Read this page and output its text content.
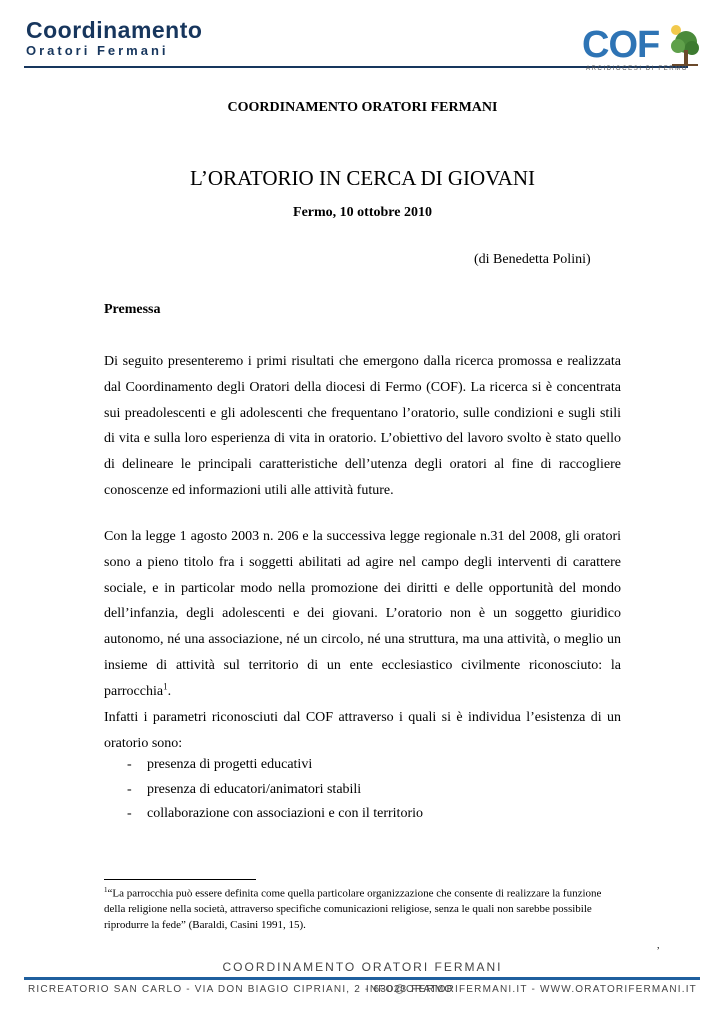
Coordinamento
Oratori Fermani	COF
ARCIDIOCESI DI FERMO
COORDINAMENTO ORATORI FERMANI
L’ORATORIO IN CERCA DI GIOVANI
Fermo, 10 ottobre 2010
(di Benedetta Polini)
Premessa

Di seguito presenteremo i primi risultati che emergono dalla ricerca promossa e realizzata dal Coordinamento degli Oratori della diocesi di Fermo (COF). La ricerca si è concentrata sui preadolescenti e gli adolescenti che frequentano l’oratorio, sulle condizioni e sugli stili di vita e sulla loro esperienza di vita in oratorio. L’obiettivo del lavoro svolto è stato quello di delineare le principali caratteristiche dell’utenza degli oratori al fine di raccogliere conoscenze ed informazioni utili alle attività future.

Con la legge 1 agosto 2003 n. 206 e la successiva legge regionale n.31 del 2008, gli oratori sono a pieno titolo fra i soggetti abilitati ad agire nel campo degli interventi di carattere sociale, e in particolar modo nella promozione dei diritti e delle opportunità del mondo dell’infanzia, degli adolescenti e dei giovani. L’oratorio non è un soggetto giuridico autonomo, né una associazione, né un circolo, né una struttura, ma una attività, o meglio un insieme di attività sul territorio di un ente ecclesiastico civilmente riconosciuto: la parrocchia$^1$.

Infatti i parametri riconosciuti dal COF attraverso i quali si è individua l’esistenza di un oratorio sono:

- presenza di progetti educativi
- presenza di educatori/animatori stabili
- collaborazione con associazioni e con il territorio

$^1$“La parrocchia può essere definita come quella particolare organizzazione che consente di realizzare la funzione della religione nella società, attraverso specifiche comunicazioni religiose, senza le quali non sarebbe possibile riprodurre la fede” (Baraldi, Casini 1991, 15).

,
COORDINAMENTO ORATORI FERMANI
RICREATORIO SAN CARLO - VIA DON BIAGIO CIPRIANI, 2 - 63023 FERMO
INFO@ORATORIFERMANI.IT - WWW.ORATORIFERMANI.IT
